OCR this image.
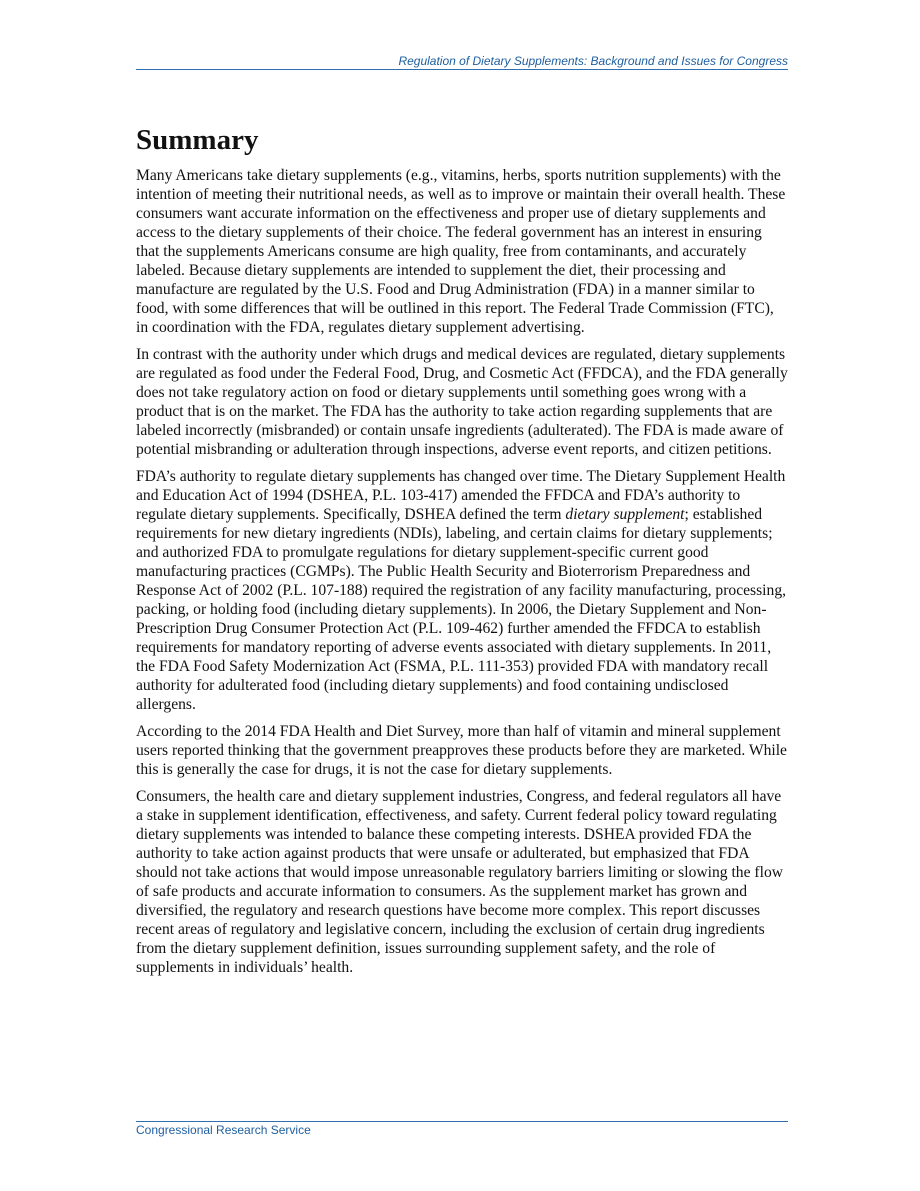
Regulation of Dietary Supplements: Background and Issues for Congress
Summary

Many Americans take dietary supplements (e.g., vitamins, herbs, sports nutrition supplements) with the intention of meeting their nutritional needs, as well as to improve or maintain their overall health. These consumers want accurate information on the effectiveness and proper use of dietary supplements and access to the dietary supplements of their choice. The federal government has an interest in ensuring that the supplements Americans consume are high quality, free from contaminants, and accurately labeled. Because dietary supplements are intended to supplement the diet, their processing and manufacture are regulated by the U.S. Food and Drug Administration (FDA) in a manner similar to food, with some differences that will be outlined in this report. The Federal Trade Commission (FTC), in coordination with the FDA, regulates dietary supplement advertising.

In contrast with the authority under which drugs and medical devices are regulated, dietary supplements are regulated as food under the Federal Food, Drug, and Cosmetic Act (FFDCA), and the FDA generally does not take regulatory action on food or dietary supplements until something goes wrong with a product that is on the market. The FDA has the authority to take action regarding supplements that are labeled incorrectly (misbranded) or contain unsafe ingredients (adulterated). The FDA is made aware of potential misbranding or adulteration through inspections, adverse event reports, and citizen petitions.

FDA’s authority to regulate dietary supplements has changed over time. The Dietary Supplement Health and Education Act of 1994 (DSHEA, P.L. 103-417) amended the FFDCA and FDA’s authority to regulate dietary supplements. Specifically, DSHEA defined the term dietary supplement; established requirements for new dietary ingredients (NDIs), labeling, and certain claims for dietary supplements; and authorized FDA to promulgate regulations for dietary supplement-specific current good manufacturing practices (CGMPs). The Public Health Security and Bioterrorism Preparedness and Response Act of 2002 (P.L. 107-188) required the registration of any facility manufacturing, processing, packing, or holding food (including dietary supplements). In 2006, the Dietary Supplement and Non-Prescription Drug Consumer Protection Act (P.L. 109-462) further amended the FFDCA to establish requirements for mandatory reporting of adverse events associated with dietary supplements. In 2011, the FDA Food Safety Modernization Act (FSMA, P.L. 111-353) provided FDA with mandatory recall authority for adulterated food (including dietary supplements) and food containing undisclosed allergens.

According to the 2014 FDA Health and Diet Survey, more than half of vitamin and mineral supplement users reported thinking that the government preapproves these products before they are marketed. While this is generally the case for drugs, it is not the case for dietary supplements.

Consumers, the health care and dietary supplement industries, Congress, and federal regulators all have a stake in supplement identification, effectiveness, and safety. Current federal policy toward regulating dietary supplements was intended to balance these competing interests. DSHEA provided FDA the authority to take action against products that were unsafe or adulterated, but emphasized that FDA should not take actions that would impose unreasonable regulatory barriers limiting or slowing the flow of safe products and accurate information to consumers. As the supplement market has grown and diversified, the regulatory and research questions have become more complex. This report discusses recent areas of regulatory and legislative concern, including the exclusion of certain drug ingredients from the dietary supplement definition, issues surrounding supplement safety, and the role of supplements in individuals’ health.

Congressional Research Service
